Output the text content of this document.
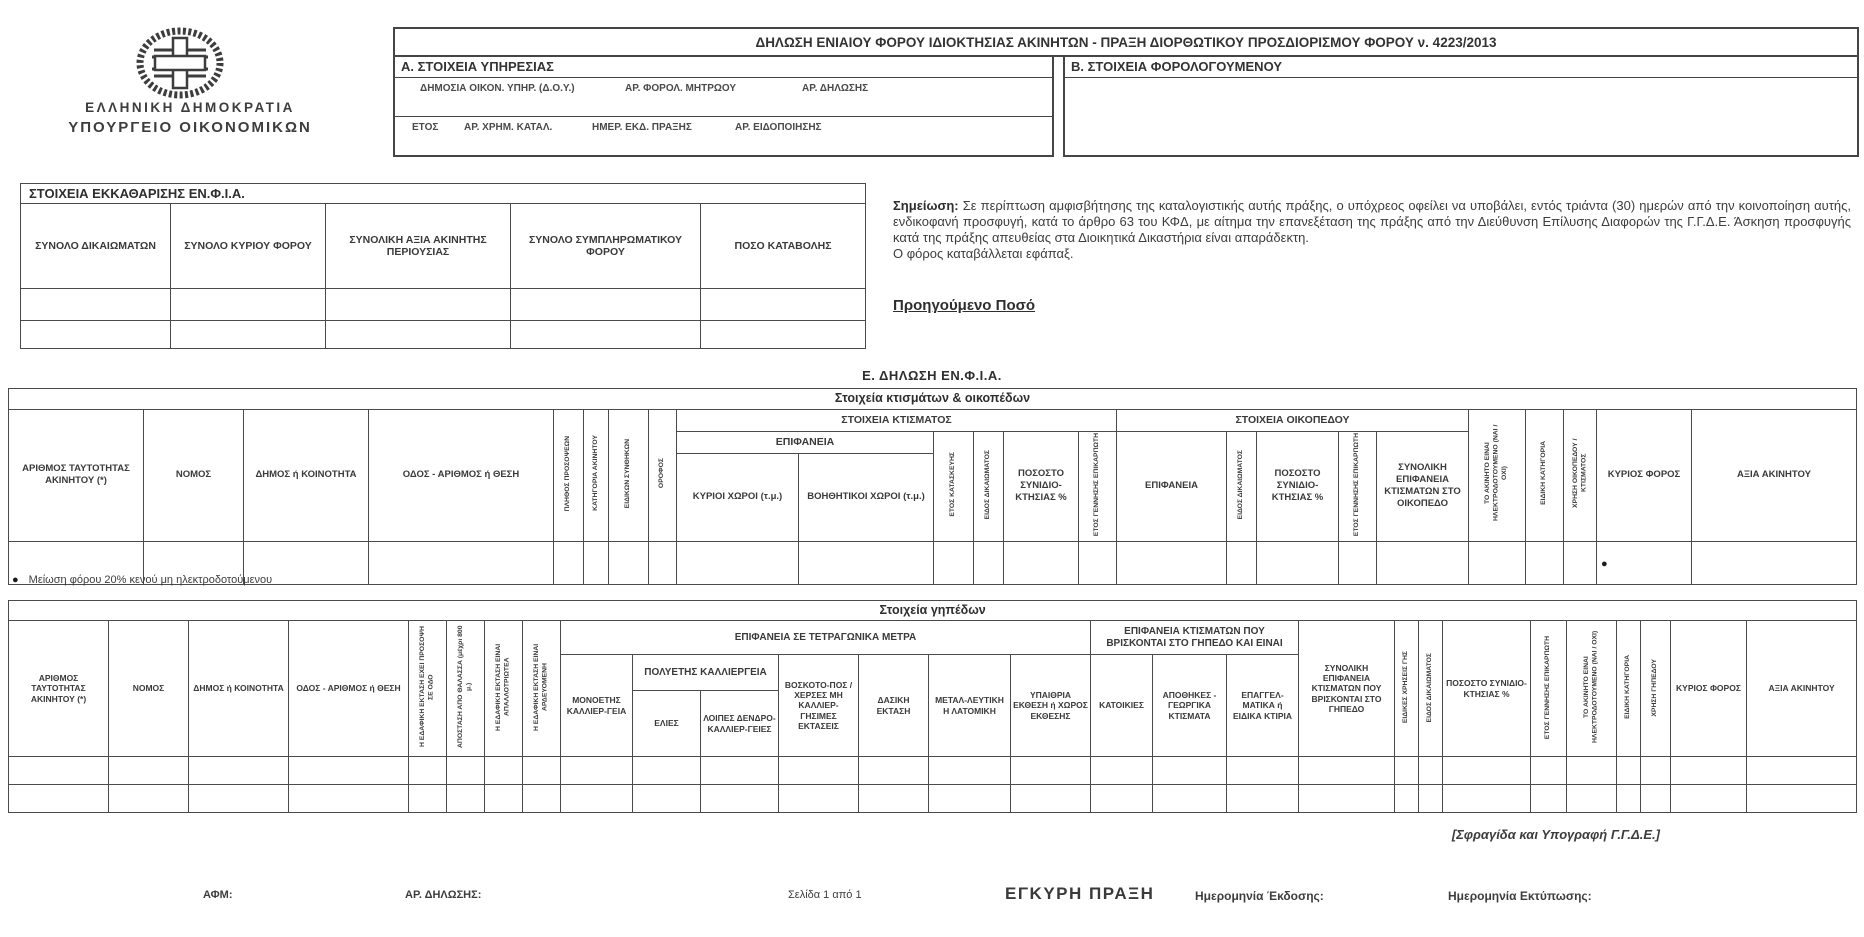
ΕΛΛΗΝΙΚΗ ΔΗΜΟΚΡΑΤΙΑ
ΥΠΟΥΡΓΕΙΟ ΟΙΚΟΝΟΜΙΚΩΝ
ΔΗΛΩΣΗ ΕΝΙΑΙΟΥ ΦΟΡΟΥ ΙΔΙΟΚΤΗΣΙΑΣ ΑΚΙΝΗΤΩΝ - ΠΡΑΞΗ ΔΙΟΡΘΩΤΙΚΟΥ ΠΡΟΣΔΙΟΡΙΣΜΟΥ ΦΟΡΟΥ ν. 4223/2013
Α. ΣΤΟΙΧΕΙΑ ΥΠΗΡΕΣΙΑΣ
ΔΗΜΟΣΙΑ ΟΙΚΟΝ. ΥΠΗΡ. (Δ.Ο.Υ.)	ΑΡ. ΦΟΡΟΛ. ΜΗΤΡΩΟΥ	ΑΡ. ΔΗΛΩΣΗΣ
ΕΤΟΣ	ΑΡ. ΧΡΗΜ. ΚΑΤΑΛ.	ΗΜΕΡ. ΕΚΔ. ΠΡΑΞΗΣ	ΑΡ. ΕΙΔΟΠΟΙΗΣΗΣ
Β. ΣΤΟΙΧΕΙΑ ΦΟΡΟΛΟΓΟΥΜΕΝΟΥ
ΣΤΟΙΧΕΙΑ ΕΚΚΑΘΑΡΙΣΗΣ ΕΝ.Φ.Ι.Α.				
ΣΥΝΟΛΟ ΔΙΚΑΙΩΜΑΤΩΝ	ΣΥΝΟΛΟ ΚΥΡΙΟΥ ΦΟΡΟΥ	ΣΥΝΟΛΙΚΗ ΑΞΙΑ ΑΚΙΝΗΤΗΣ ΠΕΡΙΟΥΣΙΑΣ	ΣΥΝΟΛΟ ΣΥΜΠΛΗΡΩΜΑΤΙΚΟΥ ΦΟΡΟΥ	ΠΟΣΟ ΚΑΤΑΒΟΛΗΣ

Σημείωση: Σε περίπτωση αμφισβήτησης της καταλογιστικής αυτής πράξης, ο υπόχρεος οφείλει να υποβάλει, εντός τριάντα (30) ημερών από την κοινοποίηση αυτής, ενδικοφανή προσφυγή, κατά το άρθρο 63 του ΚΦΔ, με αίτημα την επανεξέταση της πράξης από την Διεύθυνση Επίλυσης Διαφορών της Γ.Γ.Δ.Ε. Άσκηση προσφυγής κατά της πράξης απευθείας στα Διοικητικά Δικαστήρια είναι απαράδεκτη.
Ο φόρος καταβάλλεται εφάπαξ.
Προηγούμενο Ποσό
Ε. ΔΗΛΩΣΗ ΕΝ.Φ.Ι.Α.
Στοιχεία κτισμάτων & οικοπέδων																							
ΑΡΙΘΜΟΣ ΤΑΥΤΟΤΗΤΑΣ ΑΚΙΝΗΤΟΥ (*)	ΝΟΜΟΣ	ΔΗΜΟΣ ή ΚΟΙΝΟΤΗΤΑ	ΟΔΟΣ - ΑΡΙΘΜΟΣ ή ΘΕΣΗ	ΠΛΗΘΟΣ ΠΡΟΣΟΨΕΩΝ	ΚΑΤΗΓΟΡΙΑ ΑΚΙΝΗΤΟΥ	ΕΙΔΙΚΩΝ ΣΥΝΘΗΚΩΝ	ΟΡΟΦΟΣ	ΣΤΟΙΧΕΙΑ ΚΤΙΣΜΑΤΟΣ						ΣΤΟΙΧΕΙΑ ΟΙΚΟΠΕΔΟΥ					ΤΟ ΑΚΙΝΗΤΟ ΕΙΝΑΙ ΗΛΕΚΤΡΟΔΟΤΟΥΜΕΝΟ (ΝΑΙ / ΟΧΙ)	ΕΙΔΙΚΗ ΚΑΤΗΓΟΡΙΑ	ΧΡΗΣΗ ΟΙΚΟΠΕΔΟΥ / ΚΤΙΣΜΑΤΟΣ	ΚΥΡΙΟΣ ΦΟΡΟΣ	ΑΞΙΑ ΑΚΙΝΗΤΟΥ
								ΕΠΙΦΑΝΕΙΑ		ΕΤΟΣ ΚΑΤΑΣΚΕΥΗΣ	ΕΙΔΟΣ ΔΙΚΑΙΩΜΑΤΟΣ	ΠΟΣΟΣΤΟ ΣΥΝΙΔΙΟ-ΚΤΗΣΙΑΣ %	ΕΤΟΣ ΓΕΝΝΗΣΗΣ ΕΠΙΚΑΡΠΩΤΗ	ΕΠΙΦΑΝΕΙΑ	ΕΙΔΟΣ ΔΙΚΑΙΩΜΑΤΟΣ	ΠΟΣΟΣΤΟ ΣΥΝΙΔΙΟ-ΚΤΗΣΙΑΣ %	ΕΤΟΣ ΓΕΝΝΗΣΗΣ ΕΠΙΚΑΡΠΩΤΗ	ΣΥΝΟΛΙΚΗ ΕΠΙΦΑΝΕΙΑ ΚΤΙΣΜΑΤΩΝ ΣΤΟ ΟΙΚΟΠΕΔΟ					
								ΚΥΡΙΟΙ ΧΩΡΟΙ (τ.μ.)	ΒΟΗΘΗΤΙΚΟΙ ΧΩΡΟΙ (τ.μ.)														
																						●	
● Μείωση φόρου 20% κενού μη ηλεκτροδοτούμενου
Στοιχεία γηπέδων																											
ΑΡΙΘΜΟΣ ΤΑΥΤΟΤΗΤΑΣ ΑΚΙΝΗΤΟΥ (*)	ΝΟΜΟΣ	ΔΗΜΟΣ ή ΚΟΙΝΟΤΗΤΑ	ΟΔΟΣ - ΑΡΙΘΜΟΣ ή ΘΕΣΗ	Η ΕΔΑΦΙΚΗ ΕΚΤΑΣΗ ΕΧΕΙ ΠΡΟΣΟΨΗ ΣΕ ΟΔΟ	ΑΠΟΣΤΑΣΗ ΑΠΟ ΘΑΛΑΣΣΑ (μέχρι 800 μ.)	Η ΕΔΑΦΙΚΗ ΕΚΤΑΣΗ ΕΙΝΑΙ ΑΠΑΛΛΟΤΡΙΩΤΕΑ	Η ΕΔΑΦΙΚΗ ΕΚΤΑΣΗ ΕΙΝΑΙ ΑΡΔΕΥΟΜΕΝΗ	ΕΠΙΦΑΝΕΙΑ ΣΕ ΤΕΤΡΑΓΩΝΙΚΑ ΜΕΤΡΑ							ΕΠΙΦΑΝΕΙΑ ΚΤΙΣΜΑΤΩΝ ΠΟΥ ΒΡΙΣΚΟΝΤΑΙ ΣΤΟ ΓΗΠΕΔΟ ΚΑΙ ΕΙΝΑΙ			ΣΥΝΟΛΙΚΗ ΕΠΙΦΑΝΕΙΑ ΚΤΙΣΜΑΤΩΝ ΠΟΥ ΒΡΙΣΚΟΝΤΑΙ ΣΤΟ ΓΗΠΕΔΟ	ΕΙΔΙΚΕΣ ΧΡΗΣΕΙΣ ΓΗΣ	ΕΙΔΟΣ ΔΙΚΑΙΩΜΑΤΟΣ	ΠΟΣΟΣΤΟ ΣΥΝΙΔΙΟ-ΚΤΗΣΙΑΣ %	ΕΤΟΣ ΓΕΝΝΗΣΗΣ ΕΠΙΚΑΡΠΩΤΗ	ΤΟ ΑΚΙΝΗΤΟ ΕΙΝΑΙ ΗΛΕΚΤΡΟΔΟΤΟΥΜΕΝΟ (ΝΑΙ / ΟΧΙ)	ΕΙΔΙΚΗ ΚΑΤΗΓΟΡΙΑ	ΧΡΗΣΗ ΓΗΠΕΔΟΥ	ΚΥΡΙΟΣ ΦΟΡΟΣ	ΑΞΙΑ ΑΚΙΝΗΤΟΥ
								ΜΟΝΟΕΤΗΣ ΚΑΛΛΙΕΡ-ΓΕΙΑ	ΠΟΛΥΕΤΗΣ ΚΑΛΛΙΕΡΓΕΙΑ		ΒΟΣΚΟΤΟ-ΠΟΣ / ΧΕΡΣΕΣ ΜΗ ΚΑΛΛΙΕΡ-ΓΗΣΙΜΕΣ ΕΚΤΑΣΕΙΣ	ΔΑΣΙΚΗ ΕΚΤΑΣΗ	ΜΕΤΑΛ-ΛΕΥΤΙΚΗ Η ΛΑΤΟΜΙΚΗ	ΥΠΑΙΘΡΙΑ ΕΚΘΕΣΗ ή ΧΩΡΟΣ ΕΚΘΕΣΗΣ	ΚΑΤΟΙΚΙΕΣ	ΑΠΟΘΗΚΕΣ - ΓΕΩΡΓΙΚΑ ΚΤΙΣΜΑΤΑ	ΕΠΑΓΓΕΛ-ΜΑΤΙΚΑ ή ΕΙΔΙΚΑ ΚΤΙΡΙΑ										
									ΕΛΙΕΣ	ΛΟΙΠΕΣ ΔΕΝΔΡΟ-ΚΑΛΛΙΕΡ-ΓΕΙΕΣ																	

[Σφραγίδα και Υπογραφή Γ.Γ.Δ.Ε.]
ΑΦΜ:	ΑΡ. ΔΗΛΩΣΗΣ:	Σελίδα 1 από 1	ΕΓΚΥΡΗ ΠΡΑΞΗ	Ημερομηνία Έκδοσης:	Ημερομηνία Εκτύπωσης:
